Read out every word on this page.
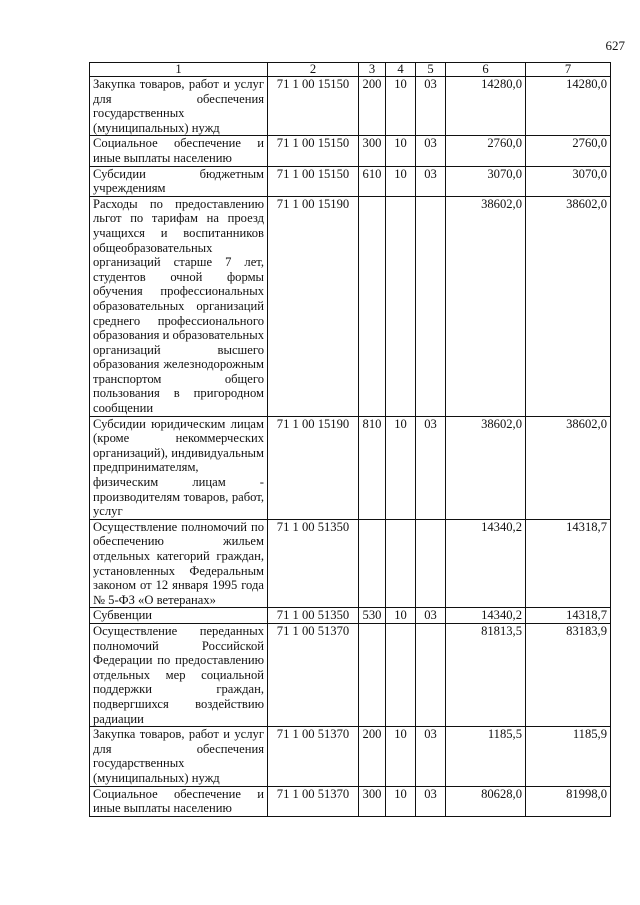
627
1	2	3	4	5	6	7
Закупка товаров, работ и услуг для обеспечения государственных (муниципальных) нужд	71 1 00 15150	200	10	03	14280,0	14280,0
Социальное обеспечение и иные выплаты населению	71 1 00 15150	300	10	03	2760,0	2760,0
Субсидии бюджетным учреждениям	71 1 00 15150	610	10	03	3070,0	3070,0
Расходы по предоставлению льгот по тарифам на проезд учащихся и воспитанников общеобразовательных организаций старше 7 лет, студентов очной формы обучения профессиональных образовательных организаций среднего профессионального образования и образовательных организаций высшего образования железнодорожным транспортом общего пользования в пригородном сообщении	71 1 00 15190				38602,0	38602,0
Субсидии юридическим лицам (кроме некоммерческих организаций), индивидуальным предпринимателям, физическим лицам - производителям товаров, работ, услуг	71 1 00 15190	810	10	03	38602,0	38602,0
Осуществление полномочий по обеспечению жильем отдельных категорий граждан, установленных Федеральным законом от 12 января 1995 года № 5-ФЗ «О ветеранах»	71 1 00 51350				14340,2	14318,7
Субвенции	71 1 00 51350	530	10	03	14340,2	14318,7
Осуществление переданных полномочий Российской Федерации по предоставлению отдельных мер социальной поддержки граждан, подвергшихся воздействию радиации	71 1 00 51370				81813,5	83183,9
Закупка товаров, работ и услуг для обеспечения государственных (муниципальных) нужд	71 1 00 51370	200	10	03	1185,5	1185,9
Социальное обеспечение и иные выплаты населению	71 1 00 51370	300	10	03	80628,0	81998,0
